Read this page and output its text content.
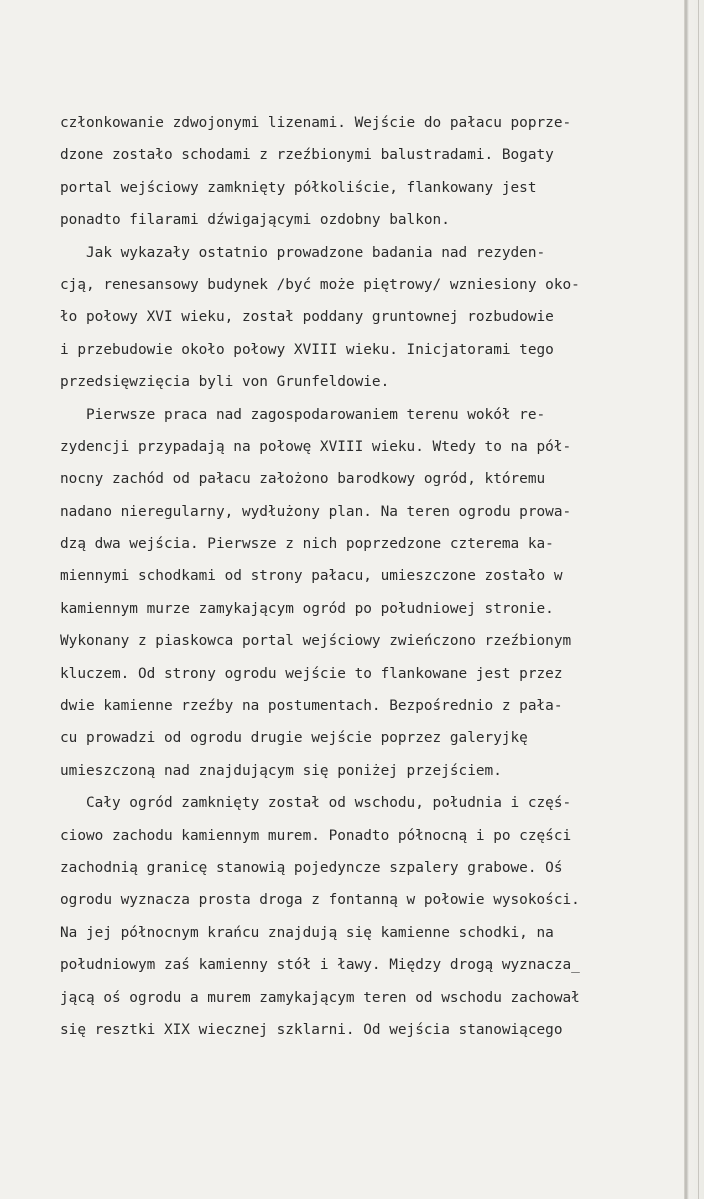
członkowanie zdwojonymi lizenami. Wejście do pałacu poprze-
dzone zostało schodami z rzeźbionymi balustradami. Bogaty
portal wejściowy zamknięty półkoliście, flankowany jest
ponadto filarami dźwigającymi ozdobny balkon.
Jak wykazały ostatnio prowadzone badania nad rezyden-
cją, renesansowy budynek /być może piętrowy/ wzniesiony oko-
ło połowy XVI wieku, został poddany gruntownej rozbudowie
i przebudowie około połowy XVIII wieku. Inicjatorami tego
przedsięwzięcia byli von Grunfeldowie.
Pierwsze praca nad zagospodarowaniem terenu wokół re-
zydencji przypadają na połowę XVIII wieku. Wtedy to na pół-
nocny zachód od pałacu założono barodkowy ogród, któremu
nadano nieregularny, wydłużony plan. Na teren ogrodu prowa-
dzą dwa wejścia. Pierwsze z nich poprzedzone czterema ka-
miennymi schodkami od strony pałacu, umieszczone zostało w
kamiennym murze zamykającym ogród po południowej stronie.
Wykonany z piaskowca portal wejściowy zwieńczono rzeźbionym
kluczem. Od strony ogrodu wejście to flankowane jest przez
dwie kamienne rzeźby na postumentach. Bezpośrednio z pała-
cu prowadzi od ogrodu drugie wejście poprzez galeryjkę
umieszczoną nad znajdującym się poniżej przejściem.
Cały ogród zamknięty został od wschodu, południa i częś-
ciowo zachodu kamiennym murem. Ponadto północną i po części
zachodnią granicę stanowią pojedyncze szpalery grabowe. Oś
ogrodu wyznacza prosta droga z fontanną w połowie wysokości.
Na jej północnym krańcu znajdują się kamienne schodki, na
południowym zaś kamienny stół i ławy. Między drogą wyznacza_
jącą oś ogrodu a murem zamykającym teren od wschodu zachował
się resztki XIX wiecznej szklarni. Od wejścia stanowiącego
